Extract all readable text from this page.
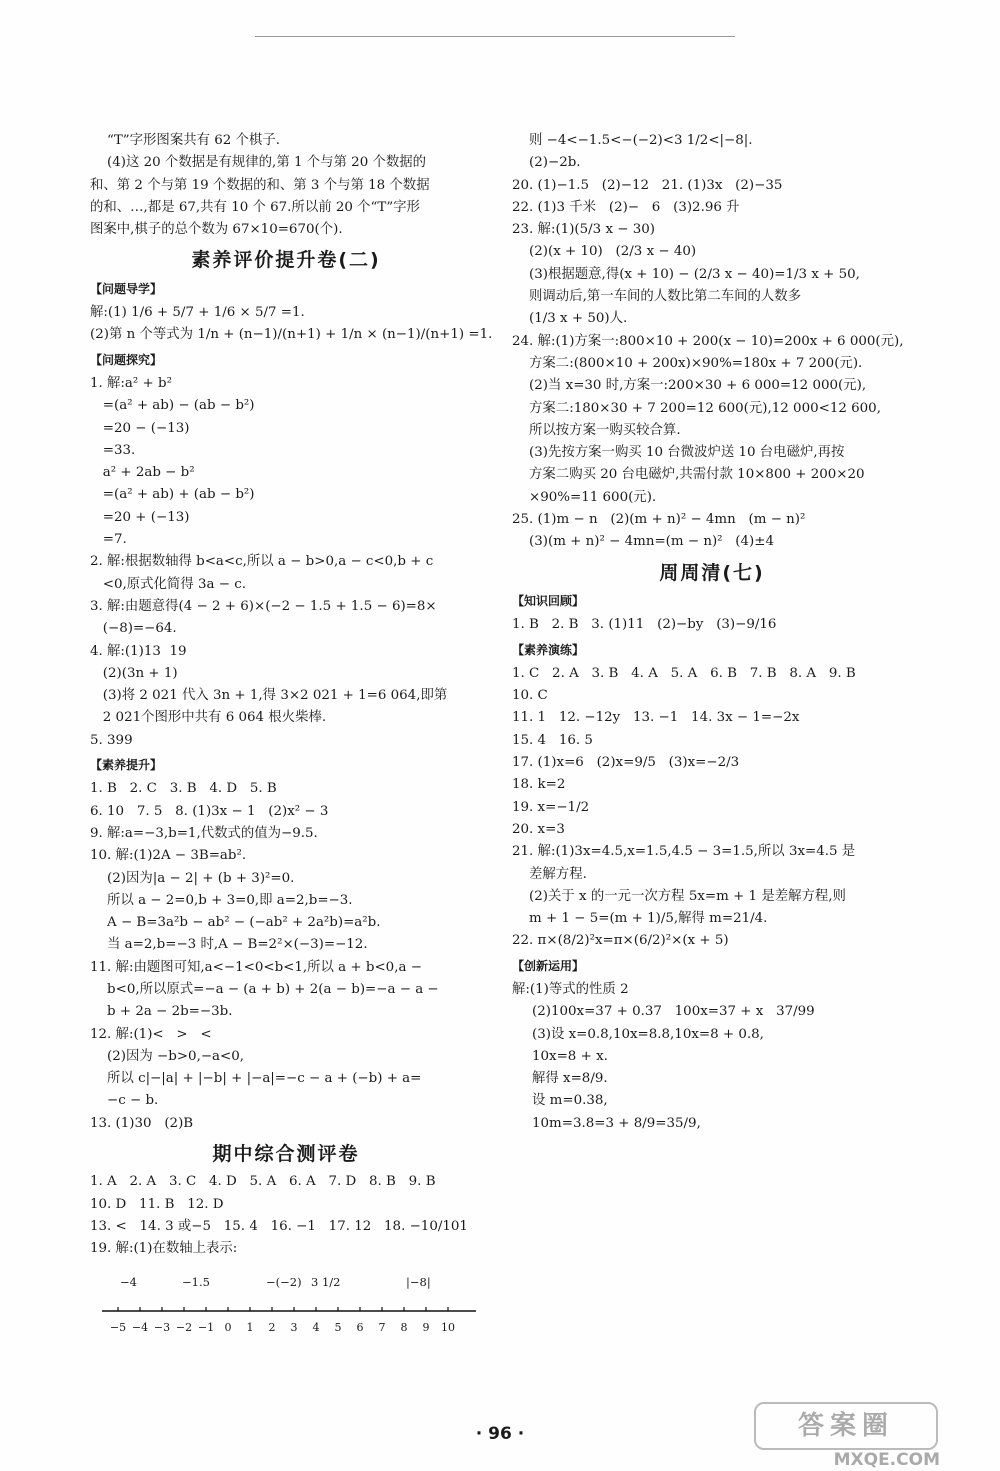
“T”字形图案共有 62 个棋子.

(4)这 20 个数据是有规律的,第 1 个与第 20 个数据的

和、第 2 个与第 19 个数据的和、第 3 个与第 18 个数据

的和、…,都是 67,共有 10 个 67.所以前 20 个“T”字形

图案中,棋子的总个数为 67×10=670(个).

素养评价提升卷(二)
【问题导学】

解:(1) 1/6 + 5/7 + 1/6 × 5/7 =1.

(2)第 n 个等式为 1/n + (n−1)/(n+1) + 1/n × (n−1)/(n+1) =1.

【问题探究】

1. 解:a² + b²

=(a² + ab) − (ab − b²)

=20 − (−13)

=33.

a² + 2ab − b²

=(a² + ab) + (ab − b²)

=20 + (−13)

=7.

2. 解:根据数轴得 b<a<c,所以 a − b>0,a − c<0,b + c

<0,原式化简得 3a − c.

3. 解:由题意得(4 − 2 + 6)×(−2 − 1.5 + 1.5 − 6)=8×

(−8)=−64.

4. 解:(1)13  19

(2)(3n + 1)

(3)将 2 021 代入 3n + 1,得 3×2 021 + 1=6 064,即第

2 021个图形中共有 6 064 根火柴棒.

5. 399

【素养提升】

1. B   2. C   3. B   4. D   5. B

6. 10   7. 5   8. (1)3x − 1   (2)x² − 3

9. 解:a=−3,b=1,代数式的值为−9.5.

10. 解:(1)2A − 3B=ab².

(2)因为|a − 2| + (b + 3)²=0.

所以 a − 2=0,b + 3=0,即 a=2,b=−3.

A − B=3a²b − ab² − (−ab² + 2a²b)=a²b.

当 a=2,b=−3 时,A − B=2²×(−3)=−12.

11. 解:由题图可知,a<−1<0<b<1,所以 a + b<0,a −

b<0,所以原式=−a − (a + b) + 2(a − b)=−a − a −

b + 2a − 2b=−3b.

12. 解:(1)<   >   <

(2)因为 −b>0,−a<0,

所以 c|−|a| + |−b| + |−a|=−c − a + (−b) + a=

−c − b.

13. (1)30   (2)B

期中综合测评卷

1. A   2. A   3. C   4. D   5. A   6. A   7. D   8. B   9. B

10. D   11. B   12. D

13. <   14. 3 或−5   15. 4   16. −1   17. 12   18. −10/101

19. 解:(1)在数轴上表示:

−4	−1.5	−(−2) 3 1/2	|−8|
−5 −4 −3 −2 −1 0	1	2	3	4	5	6	7	8	9	10

则 −4<−1.5<−(−2)<3 1/2<|−8|.

(2)−2b.

20. (1)−1.5   (2)−12   21. (1)3x   (2)−35

22. (1)3 千米   (2)−   6   (3)2.96 升

23. 解:(1)(5/3 x − 30)

(2)(x + 10)   (2/3 x − 40)

(3)根据题意,得(x + 10) − (2/3 x − 40)=1/3 x + 50,

则调动后,第一车间的人数比第二车间的人数多

(1/3 x + 50)人.

24. 解:(1)方案一:800×10 + 200(x − 10)=200x + 6 000(元),

方案二:(800×10 + 200x)×90%=180x + 7 200(元).

(2)当 x=30 时,方案一:200×30 + 6 000=12 000(元),

方案二:180×30 + 7 200=12 600(元),12 000<12 600,

所以按方案一购买较合算.

(3)先按方案一购买 10 台微波炉送 10 台电磁炉,再按

方案二购买 20 台电磁炉,共需付款 10×800 + 200×20

×90%=11 600(元).

25. (1)m − n   (2)(m + n)² − 4mn   (m − n)²

(3)(m + n)² − 4mn=(m − n)²   (4)±4

周周清(七)
【知识回顾】

1. B   2. B   3. (1)11   (2)−by   (3)−9/16

【素养演练】

1. C   2. A   3. B   4. A   5. A   6. B   7. B   8. A   9. B

10. C

11. 1   12. −12y   13. −1   14. 3x − 1=−2x

15. 4   16. 5

17. (1)x=6   (2)x=9/5   (3)x=−2/3

18. k=2

19. x=−1/2

20. x=3

21. 解:(1)3x=4.5,x=1.5,4.5 − 3=1.5,所以 3x=4.5 是

差解方程.

(2)关于 x 的一元一次方程 5x=m + 1 是差解方程,则

m + 1 − 5=(m + 1)/5,解得 m=21/4.

22. π×(8/2)²x=π×(6/2)²×(x + 5)

【创新运用】

解:(1)等式的性质 2

(2)100x=37 + 0.37   100x=37 + x   37/99

(3)设 x=0.8,10x=8.8,10x=8 + 0.8,

10x=8 + x.

解得 x=8/9.

设 m=0.38,

10m=3.8=3 + 8/9=35/9,

· 96 ·	答案圈
MXQE.COM
